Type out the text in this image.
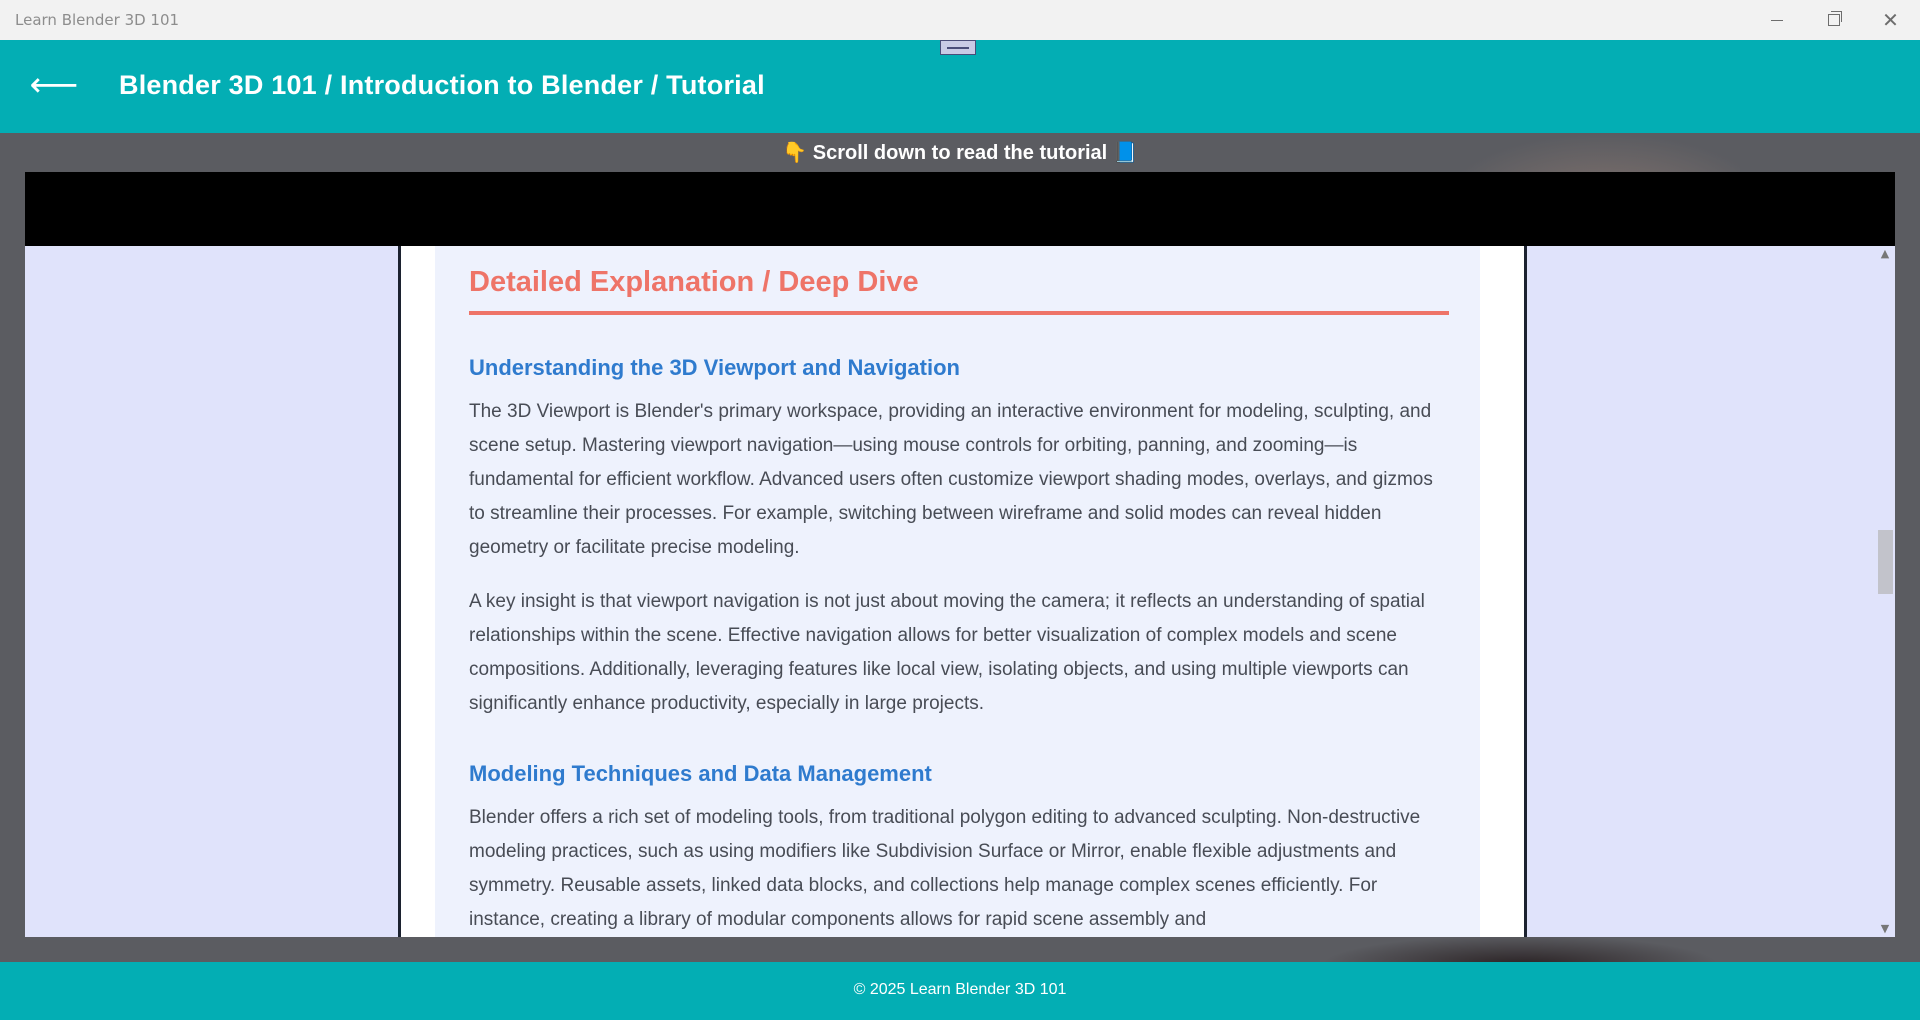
Learn Blender 3D 101	✕
⟵ Blender 3D 101 / Introduction to Blender / Tutorial
👇 Scroll down to read the tutorial 📘
Detailed Explanation / Deep Dive
Understanding the 3D Viewport and Navigation

The 3D Viewport is Blender's primary workspace, providing an interactive environment for modeling, sculpting, and scene setup. Mastering viewport navigation—using mouse controls for orbiting, panning, and zooming—is fundamental for efficient workflow. Advanced users often customize viewport shading modes, overlays, and gizmos to streamline their processes. For example, switching between wireframe and solid modes can reveal hidden geometry or facilitate precise modeling.

A key insight is that viewport navigation is not just about moving the camera; it reflects an understanding of spatial relationships within the scene. Effective navigation allows for better visualization of complex models and scene compositions. Additionally, leveraging features like local view, isolating objects, and using multiple viewports can significantly enhance productivity, especially in large projects.

Modeling Techniques and Data Management

Blender offers a rich set of modeling tools, from traditional polygon editing to advanced sculpting. Non-destructive modeling practices, such as using modifiers like Subdivision Surface or Mirror, enable flexible adjustments and symmetry. Reusable assets, linked data blocks, and collections help manage complex scenes efficiently. For instance, creating a library of modular components allows for rapid scene assembly and

▲
▼
© 2025 Learn Blender 3D 101
